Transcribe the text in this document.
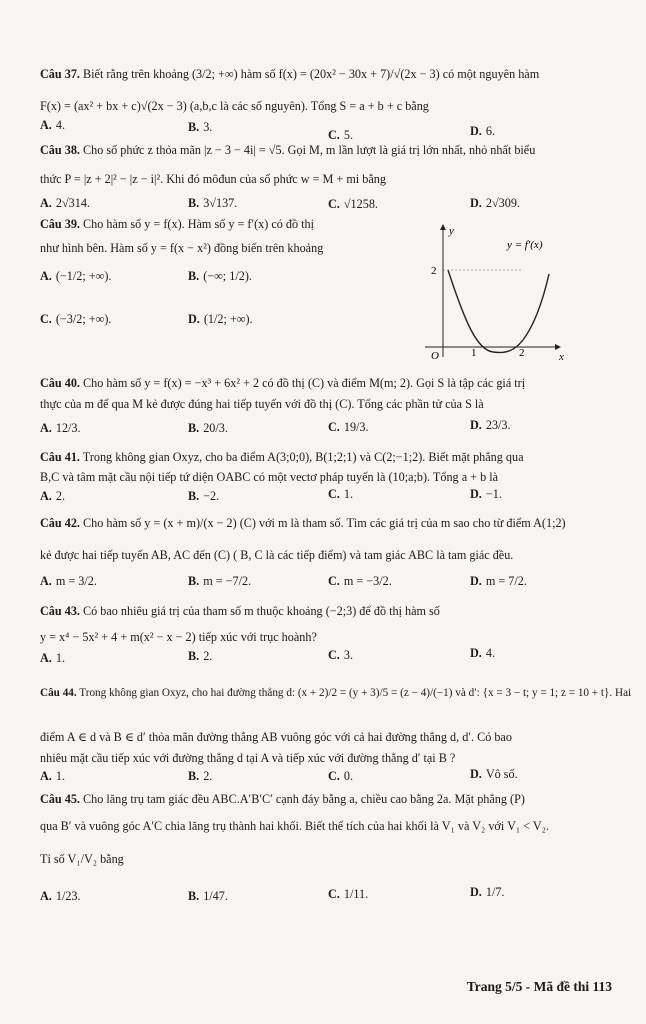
Câu 37. Biết rằng trên khoảng (3/2; +∞) hàm số f(x) = (20x² − 30x + 7)/√(2x − 3) có một nguyên hàm
F(x) = (ax² + bx + c)√(2x − 3) (a,b,c là các số nguyên). Tổng S = a + b + c bằng
A. 4.	B. 3.
C. 5.	D. 6.
Câu 38. Cho số phức z thỏa mãn |z − 3 − 4i| = √5. Gọi M, m lần lượt là giá trị lớn nhất, nhỏ nhất biểu
thức P = |z + 2|² − |z − i|². Khi đó môđun của số phức w = M + mi bằng
A. 2√314.	B. 3√137.	C. √1258.	D. 2√309.
Câu 39. Cho hàm số y = f(x). Hàm số y = f′(x) có đồ thị
như hình bên. Hàm số y = f(x − x²) đồng biến trên khoảng
A. (−1/2; +∞).	B. (−∞; 1/2).
C. (−3/2; +∞).	D. (1/2; +∞).
y
x
O	1	2
2
y = f′(x)
Câu 40. Cho hàm số y = f(x) = −x³ + 6x² + 2 có đồ thị (C) và điểm M(m; 2). Gọi S là tập các giá trị
thực của m để qua M kẻ được đúng hai tiếp tuyến với đồ thị (C). Tổng các phần tử của S là
A. 12/3.	B. 20/3.	C. 19/3.	D. 23/3.
Câu 41. Trong không gian Oxyz, cho ba điểm A(3;0;0), B(1;2;1) và C(2;−1;2). Biết mặt phẳng qua
B,C và tâm mặt cầu nội tiếp tứ diện OABC có một vectơ pháp tuyến là (10;a;b). Tổng a + b là
A. 2.	B. −2.	C. 1.	D. −1.
Câu 42. Cho hàm số y = (x + m)/(x − 2) (C) với m là tham số. Tìm các giá trị của m sao cho từ điểm A(1;2)
kẻ được hai tiếp tuyến AB, AC đến (C) ( B, C là các tiếp điểm) và tam giác ABC là tam giác đều.
A. m = 3/2.	B. m = −7/2.	C. m = −3/2.	D. m = 7/2.
Câu 43. Có bao nhiêu giá trị của tham số m thuộc khoảng (−2;3) để đồ thị hàm số
y = x⁴ − 5x² + 4 + m(x² − x − 2) tiếp xúc với trục hoành?
A. 1.	B. 2.	C. 3.	D. 4.
Câu 44. Trong không gian Oxyz, cho hai đường thẳng d: (x + 2)/2 = (y + 3)/5 = (z − 4)/(−1) và d′: {x = 3 − t; y = 1; z = 10 + t}. Hai
điểm A ∈ d và B ∈ d′ thỏa mãn đường thẳng AB vuông góc với cả hai đường thẳng d, d′. Có bao
nhiêu mặt cầu tiếp xúc với đường thẳng d tại A và tiếp xúc với đường thẳng d′ tại B ?
A. 1.	B. 2.	C. 0.	D. Vô số.
Câu 45. Cho lăng trụ tam giác đều ABC.A′B′C′ cạnh đáy bằng a, chiều cao bằng 2a. Mặt phẳng (P)
qua B′ và vuông góc A′C chia lăng trụ thành hai khối. Biết thể tích của hai khối là V₁ và V₂ với V₁ < V₂.
Tỉ số V₁/V₂ bằng
A. 1/23.	B. 1/47.	C. 1/11.	D. 1/7.
Trang 5/5 - Mã đề thi 113
